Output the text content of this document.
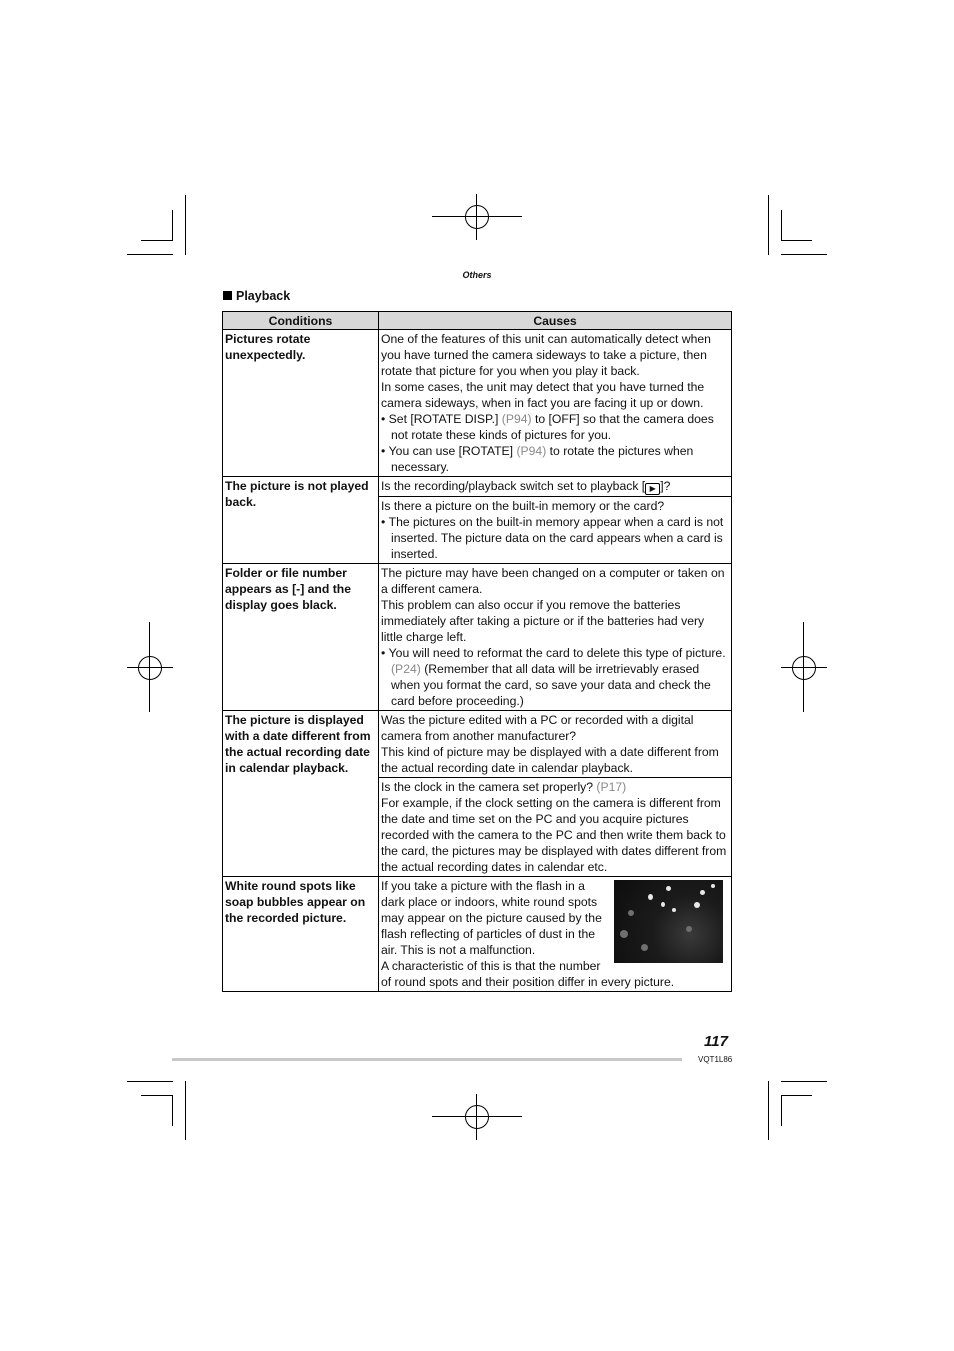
Others
Playback
Conditions	Causes
Pictures rotate unexpectedly.	One of the features of this unit can automatically detect when you have turned the camera sideways to take a picture, then rotate that picture for you when you play it back.
In some cases, the unit may detect that you have turned the camera sideways, when in fact you are facing it up or down.
• Set [ROTATE DISP.] (P94) to [OFF] so that the camera does not rotate these kinds of pictures for you.
• You can use [ROTATE] (P94) to rotate the pictures when necessary.

The picture is not played back.	Is the recording/playback switch set to playback [ ▶ ]?

	Is there a picture on the built-in memory or the card?
• The pictures on the built-in memory appear when a card is not inserted. The picture data on the card appears when a card is inserted.

Folder or file number appears as [-] and the display goes black.	The picture may have been changed on a computer or taken on a different camera.
This problem can also occur if you remove the batteries immediately after taking a picture or if the batteries had very little charge left.
• You will need to reformat the card to delete this type of picture. (P24) (Remember that all data will be irretrievably erased when you format the card, so save your data and check the card before proceeding.)

The picture is displayed with a date different from the actual recording date in calendar playback.	Was the picture edited with a PC or recorded with a digital camera from another manufacturer?
This kind of picture may be displayed with a date different from the actual recording date in calendar playback.

	Is the clock in the camera set properly? (P17)
For example, if the clock setting on the camera is different from the date and time set on the PC and you acquire pictures recorded with the camera to the PC and then write them back to the card, the pictures may be displayed with dates different from the actual recording dates in calendar etc.

White round spots like soap bubbles appear on the recorded picture.	If you take a picture with the flash in a dark place or indoors, white round spots may appear on the picture caused by the flash reflecting of particles of dust in the air. This is not a malfunction.
A characteristic of this is that the number of round spots and their position differ in every picture.
117
VQT1L86
